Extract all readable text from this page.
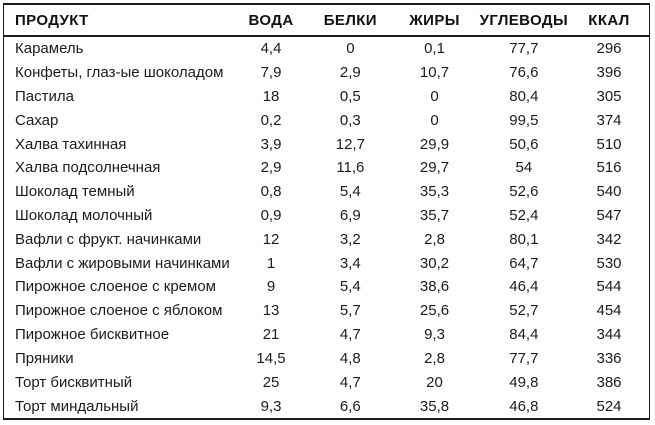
ПРОДУКТ	ВОДА	БЕЛКИ	ЖИРЫ	УГЛЕВОДЫ	ККАЛ
Карамель	4,4	0	0,1	77,7	296
Конфеты, глаз-ые шоколадом	7,9	2,9	10,7	76,6	396
Пастила	18	0,5	0	80,4	305
Сахар	0,2	0,3	0	99,5	374
Халва тахинная	3,9	12,7	29,9	50,6	510
Халва подсолнечная	2,9	11,6	29,7	54	516
Шоколад темный	0,8	5,4	35,3	52,6	540
Шоколад молочный	0,9	6,9	35,7	52,4	547
Вафли с фрукт. начинками	12	3,2	2,8	80,1	342
Вафли с жировыми начинками	1	3,4	30,2	64,7	530
Пирожное слоеное с кремом	9	5,4	38,6	46,4	544
Пирожное слоеное с яблоком	13	5,7	25,6	52,7	454
Пирожное бисквитное	21	4,7	9,3	84,4	344
Пряники	14,5	4,8	2,8	77,7	336
Торт бисквитный	25	4,7	20	49,8	386
Торт миндальный	9,3	6,6	35,8	46,8	524
